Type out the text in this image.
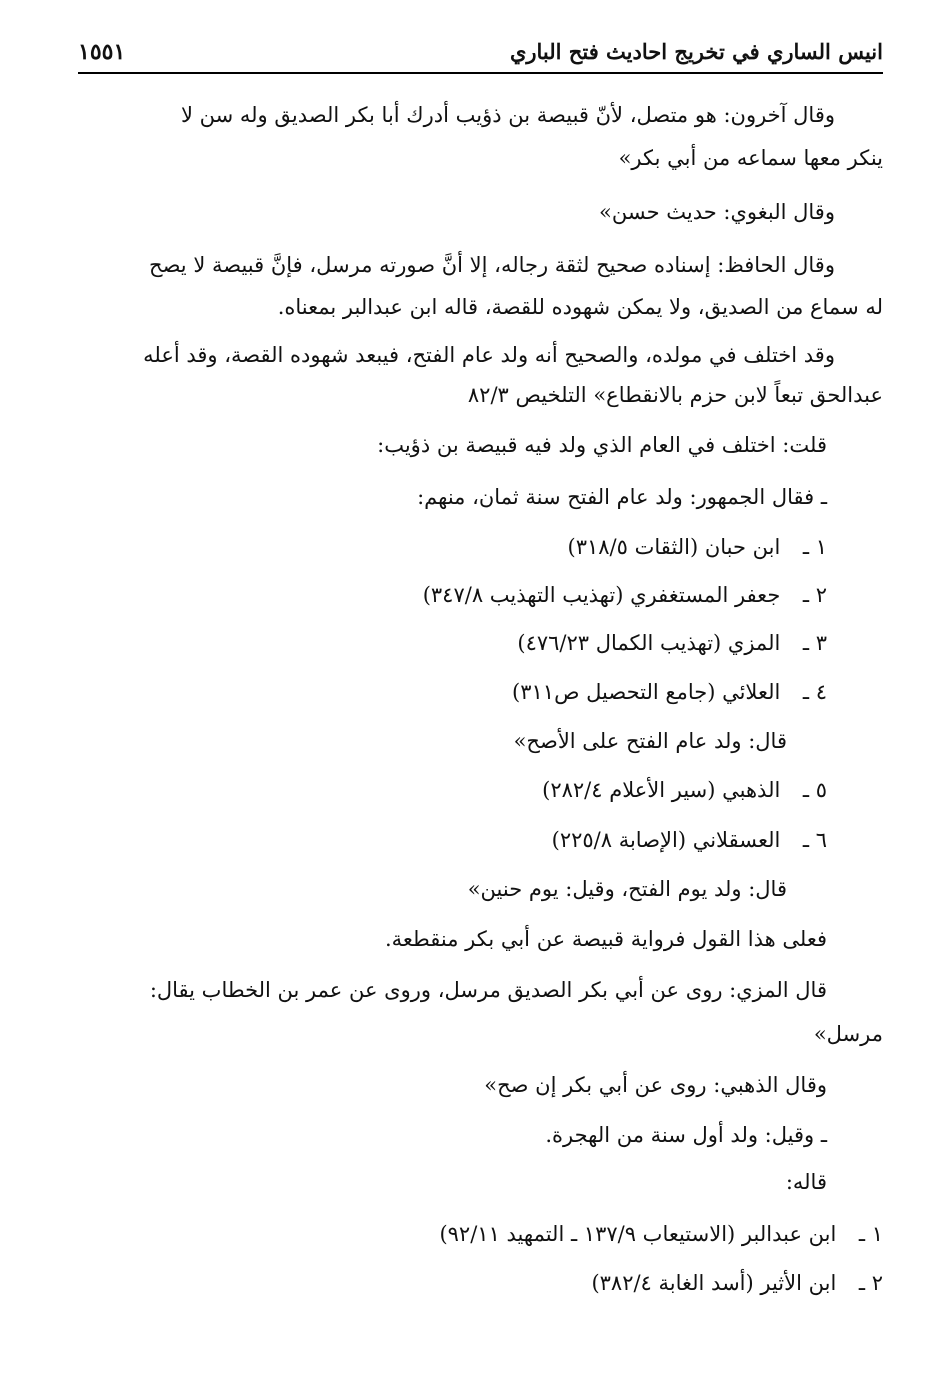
انيس الساري في تخريج احاديث فتح الباري
١٥٥١
وقال آخرون: هو متصل، لأنّ قبيصة بن ذؤيب أدرك أبا بكر الصديق وله سن لا
ينكر معها سماعه من أبي بكر»
وقال البغوي: حديث حسن»
وقال الحافظ: إسناده صحيح لثقة رجاله، إلا أنَّ صورته مرسل، فإنَّ قبيصة لا يصح
له سماع من الصديق، ولا يمكن شهوده للقصة، قاله ابن عبدالبر بمعناه.
وقد اختلف في مولده، والصحيح أنه ولد عام الفتح، فيبعد شهوده القصة، وقد أعله
عبدالحق تبعاً لابن حزم بالانقطاع» التلخيص ٨٢/٣
قلت: اختلف في العام الذي ولد فيه قبيصة بن ذؤيب:
ـ فقال الجمهور: ولد عام الفتح سنة ثمان، منهم:
١ ـ ابن حبان (الثقات ٣١٨/٥)
٢ ـ جعفر المستغفري (تهذيب التهذيب ٣٤٧/٨)
٣ ـ المزي (تهذيب الكمال ٤٧٦/٢٣)
٤ ـ العلائي (جامع التحصيل ص٣١١)
قال: ولد عام الفتح على الأصح»
٥ ـ الذهبي (سير الأعلام ٢٨٢/٤)
٦ ـ العسقلاني (الإصابة ٢٢٥/٨)
قال: ولد يوم الفتح، وقيل: يوم حنين»
فعلى هذا القول فرواية قبيصة عن أبي بكر منقطعة.
قال المزي: روى عن أبي بكر الصديق مرسل، وروى عن عمر بن الخطاب يقال:
مرسل»
وقال الذهبي: روى عن أبي بكر إن صح»
ـ وقيل: ولد أول سنة من الهجرة.
قاله:
١ ـ ابن عبدالبر (الاستيعاب ١٣٧/٩ ـ التمهيد ٩٢/١١)
٢ ـ ابن الأثير (أسد الغابة ٣٨٢/٤)
